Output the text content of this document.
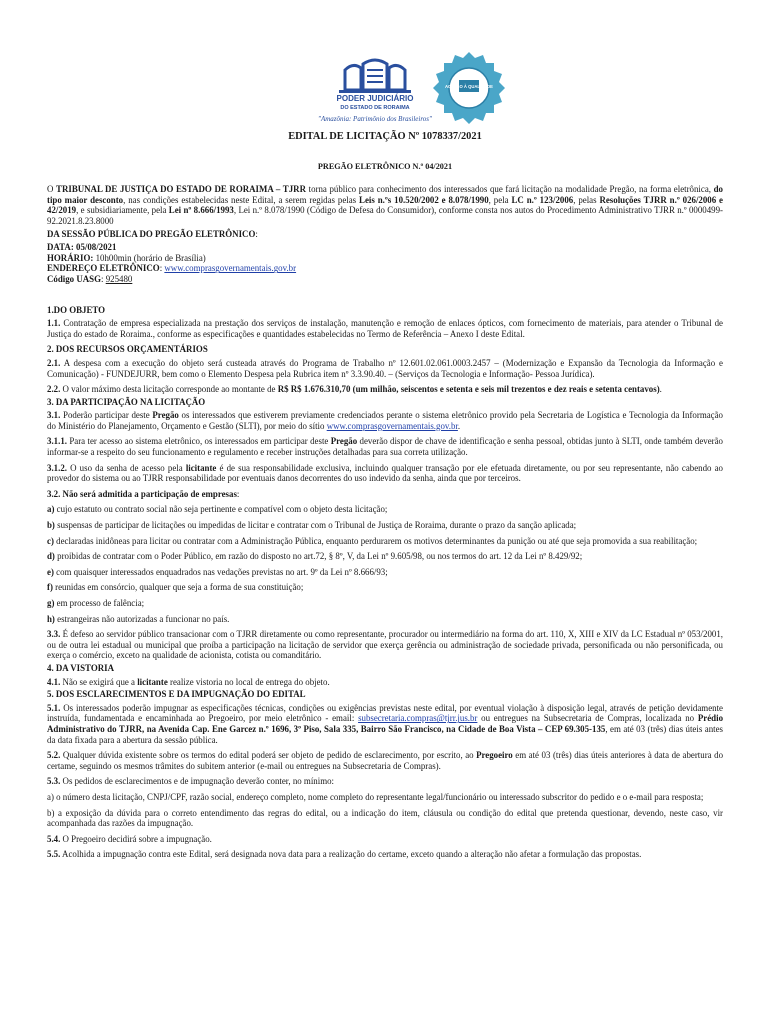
PODER JUDICIÁRIO
DO ESTADO DE RORAIMA
"Amazônia: Patrimônio dos Brasileiros"
ACESSO À QUALIDADE
EDITAL DE LICITAÇÃO Nº 1078337/2021
PREGÃO ELETRÔNICO N.º 04/2021

O TRIBUNAL DE JUSTIÇA DO ESTADO DE RORAIMA – TJRR torna público para conhecimento dos interessados que fará licitação na modalidade Pregão, na forma eletrônica, do tipo maior desconto, nas condições estabelecidas neste Edital, a serem regidas pelas Leis n.ºs 10.520/2002 e 8.078/1990, pela LC n.º 123/2006, pelas Resoluções TJRR n.º 026/2006 e 42/2019, e subsidiariamente, pela Lei nº 8.666/1993, Lei n.º 8.078/1990 (Código de Defesa do Consumidor), conforme consta nos autos do Procedimento Administrativo TJRR n.º 0000499-92.2021.8.23.8000

DA SESSÃO PÚBLICA DO PREGÃO ELETRÔNICO:
DATA: 05/08/2021
HORÁRIO: 10h00min (horário de Brasília)
ENDEREÇO ELETRÔNICO: www.comprasgovernamentais.gov.br
Código UASG: 925480
1.DO OBJETO

1.1. Contratação de empresa especializada na prestação dos serviços de instalação, manutenção e remoção de enlaces ópticos, com fornecimento de materiais, para atender o Tribunal de Justiça do estado de Roraima., conforme as especificações e quantidades estabelecidas no Termo de Referência – Anexo I deste Edital.

2. DOS RECURSOS ORÇAMENTÁRIOS

2.1. A despesa com a execução do objeto será custeada através do Programa de Trabalho nº 12.601.02.061.0003.2457 – (Modernização e Expansão da Tecnologia da Informação e Comunicação) - FUNDEJURR, bem como o Elemento Despesa pela Rubrica item nº 3.3.90.40. – (Serviços da Tecnologia e Informação- Pessoa Jurídica).

2.2. O valor máximo desta licitação corresponde ao montante de R$ R$ 1.676.310,70 (um milhão, seiscentos e setenta e seis mil trezentos e dez reais e setenta centavos).

3. DA PARTICIPAÇÃO NA LICITAÇÃO

3.1. Poderão participar deste Pregão os interessados que estiverem previamente credenciados perante o sistema eletrônico provido pela Secretaria de Logística e Tecnologia da Informação do Ministério do Planejamento, Orçamento e Gestão (SLTI), por meio do sítio www.comprasgovernamentais.gov.br.

3.1.1. Para ter acesso ao sistema eletrônico, os interessados em participar deste Pregão deverão dispor de chave de identificação e senha pessoal, obtidas junto à SLTI, onde também deverão informar-se a respeito do seu funcionamento e regulamento e receber instruções detalhadas para sua correta utilização.

3.1.2. O uso da senha de acesso pela licitante é de sua responsabilidade exclusiva, incluindo qualquer transação por ele efetuada diretamente, ou por seu representante, não cabendo ao provedor do sistema ou ao TJRR responsabilidade por eventuais danos decorrentes do uso indevido da senha, ainda que por terceiros.

3.2. Não será admitida a participação de empresas:

a) cujo estatuto ou contrato social não seja pertinente e compatível com o objeto desta licitação;

b) suspensas de participar de licitações ou impedidas de licitar e contratar com o Tribunal de Justiça de Roraima, durante o prazo da sanção aplicada;

c) declaradas inidôneas para licitar ou contratar com a Administração Pública, enquanto perdurarem os motivos determinantes da punição ou até que seja promovida a sua reabilitação;

d) proibidas de contratar com o Poder Público, em razão do disposto no art.72, § 8º, V, da Lei nº 9.605/98, ou nos termos do art. 12 da Lei nº 8.429/92;

e) com quaisquer interessados enquadrados nas vedações previstas no art. 9º da Lei nº 8.666/93;

f) reunidas em consórcio, qualquer que seja a forma de sua constituição;

g) em processo de falência;

h) estrangeiras não autorizadas a funcionar no país.

3.3. É defeso ao servidor público transacionar com o TJRR diretamente ou como representante, procurador ou intermediário na forma do art. 110, X, XIII e XIV da LC Estadual nº 053/2001, ou de outra lei estadual ou municipal que proíba a participação na licitação de servidor que exerça gerência ou administração de sociedade privada, personificada ou não personificada, ou exerça o comércio, exceto na qualidade de acionista, cotista ou comanditário.

4. DA VISTORIA

4.1. Não se exigirá que a licitante realize vistoria no local de entrega do objeto.

5. DOS ESCLARECIMENTOS E DA IMPUGNAÇÃO DO EDITAL

5.1. Os interessados poderão impugnar as especificações técnicas, condições ou exigências previstas neste edital, por eventual violação à disposição legal, através de petição devidamente instruída, fundamentada e encaminhada ao Pregoeiro, por meio eletrônico - email: subsecretaria.compras@tjrr.jus.br ou entregues na Subsecretaria de Compras, localizada no Prédio Administrativo do TJRR, na Avenida Cap. Ene Garcez n.º 1696, 3º Piso, Sala 335, Bairro São Francisco, na Cidade de Boa Vista – CEP 69.305-135, em até 03 (três) dias úteis antes da data fixada para a abertura da sessão pública.

5.2. Qualquer dúvida existente sobre os termos do edital poderá ser objeto de pedido de esclarecimento, por escrito, ao Pregoeiro em até 03 (três) dias úteis anteriores à data de abertura do certame, seguindo os mesmos trâmites do subitem anterior (e-mail ou entregues na Subsecretaria de Compras).

5.3. Os pedidos de esclarecimentos e de impugnação deverão conter, no mínimo:

a) o número desta licitação, CNPJ/CPF, razão social, endereço completo, nome completo do representante legal/funcionário ou interessado subscritor do pedido e o e-mail para resposta;

b) a exposição da dúvida para o correto entendimento das regras do edital, ou a indicação do item, cláusula ou condição do edital que pretenda questionar, devendo, neste caso, vir acompanhada das razões da impugnação.

5.4. O Pregoeiro decidirá sobre a impugnação.

5.5. Acolhida a impugnação contra este Edital, será designada nova data para a realização do certame, exceto quando a alteração não afetar a formulação das propostas.
